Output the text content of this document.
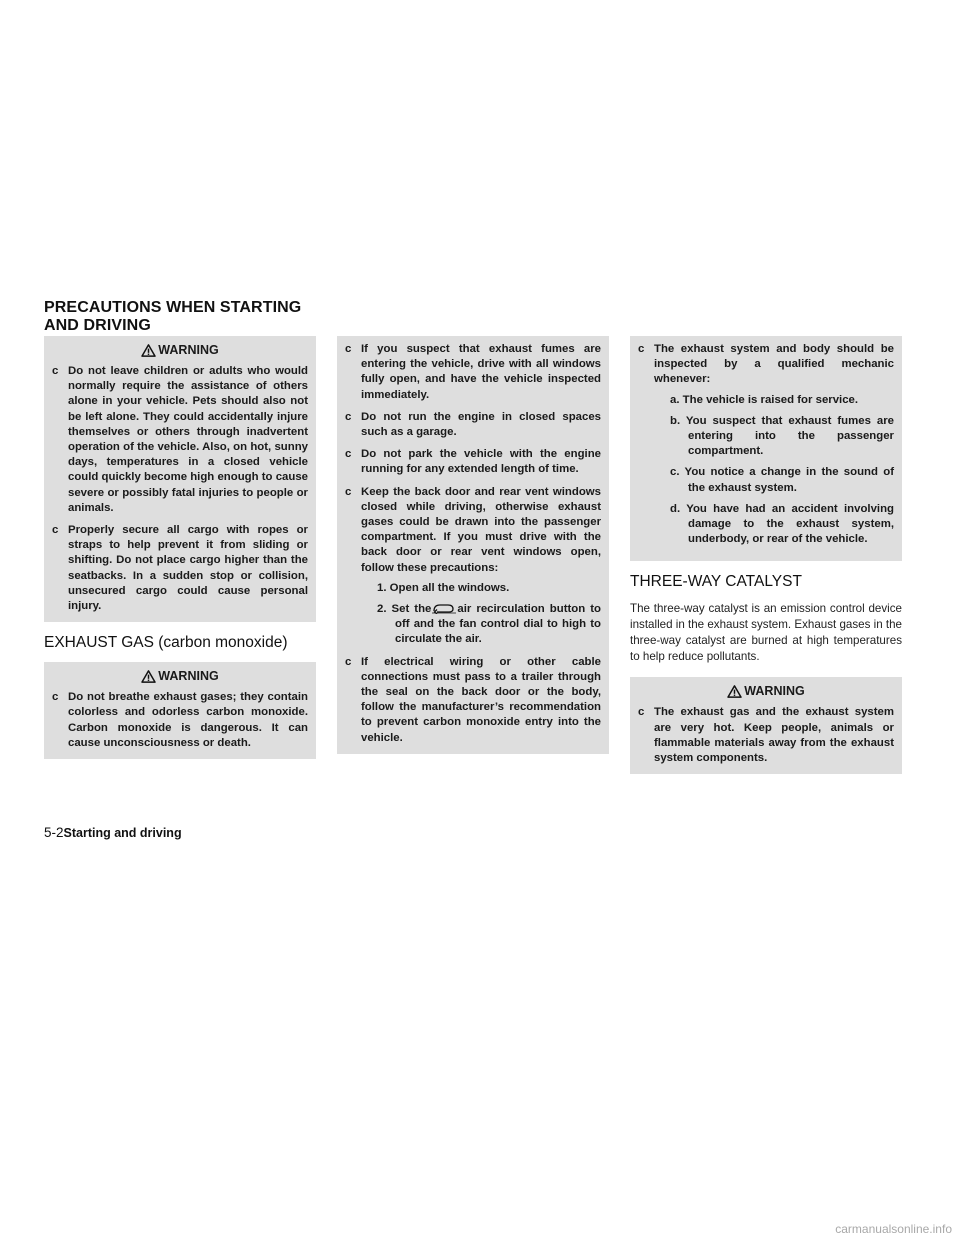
PRECAUTIONS WHEN STARTING
AND DRIVING
WARNING
c Do not leave children or adults who would normally require the assistance of others alone in your vehicle. Pets should also not be left alone. They could accidentally injure themselves or others through inadvertent operation of the vehicle. Also, on hot, sunny days, temperatures in a closed vehicle could quickly become high enough to cause severe or possibly fatal injuries to people or animals.
c Properly secure all cargo with ropes or straps to help prevent it from sliding or shifting. Do not place cargo higher than the seatbacks. In a sudden stop or collision, unsecured cargo could cause personal injury.
EXHAUST GAS (carbon monoxide)
WARNING
c Do not breathe exhaust gases; they contain colorless and odorless carbon monoxide. Carbon monoxide is dangerous. It can cause unconsciousness or death.
c If you suspect that exhaust fumes are entering the vehicle, drive with all windows fully open, and have the vehicle inspected immediately.
c Do not run the engine in closed spaces such as a garage.
c Do not park the vehicle with the engine running for any extended length of time.
c Keep the back door and rear vent windows closed while driving, otherwise exhaust gases could be drawn into the passenger compartment. If you must drive with the back door or rear vent windows open, follow these precautions:
1. Open all the windows.
2. Set the air recirculation button to off and the fan control dial to high to circulate the air.
c If electrical wiring or other cable connections must pass to a trailer through the seal on the back door or the body, follow the manufacturer’s recommendation to prevent carbon monoxide entry into the vehicle.
c The exhaust system and body should be inspected by a qualified mechanic whenever:
a. The vehicle is raised for service.
b. You suspect that exhaust fumes are entering into the passenger compartment.
c. You notice a change in the sound of the exhaust system.
d. You have had an accident involving damage to the exhaust system, underbody, or rear of the vehicle.
THREE-WAY CATALYST

The three-way catalyst is an emission control device installed in the exhaust system. Exhaust gases in the three-way catalyst are burned at high temperatures to help reduce pollutants.

WARNING
c The exhaust gas and the exhaust system are very hot. Keep people, animals or flammable materials away from the exhaust system components.
5-2Starting and driving
carmanualsonline.info
